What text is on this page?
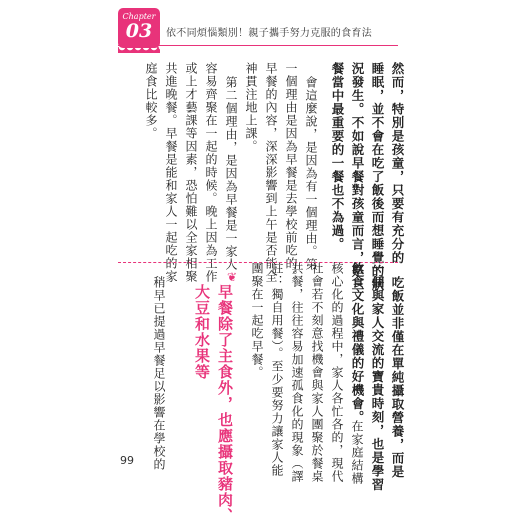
Chapter
03	依不同煩惱類別！親子攜手努力克服的食育法
然而，特別是孩童，只要有充分的
睡眠，並不會在吃了飯後而想睡覺的狀
況發生。不如說早餐對孩童而言，是三
餐當中最重要的一餐也不為過。
會這麼說，是因為有一個理由。第
一個理由是因為早餐是去學校前吃的。
早餐的內容，深深影響到上午是否能全
神貫注地上課。
第二個理由，是因為早餐是一家人
容易齊聚在一起的時候。晚上因為工作
或上才藝課等因素，恐怕難以全家相聚
共進晚餐。早餐是能和家人一起吃的家
庭食比較多。
吃飯並非僅在單純攝取營養，而是
一個與家人交流的寶貴時刻，也是學習
飲食文化與禮儀的好機會。
在家庭結構
核心化的過程中，家人各忙各的，現代
社會若不刻意找機會與家人團聚於餐桌
共餐，往往容易加速孤食化的現象（譯
註：獨自用餐）。至少要努力讓家人能
團聚在一起吃早餐。
❦
早餐除了主食外，也應攝取豬肉、
大豆和水果等
稍早已提過早餐足以影響在學校的
99
